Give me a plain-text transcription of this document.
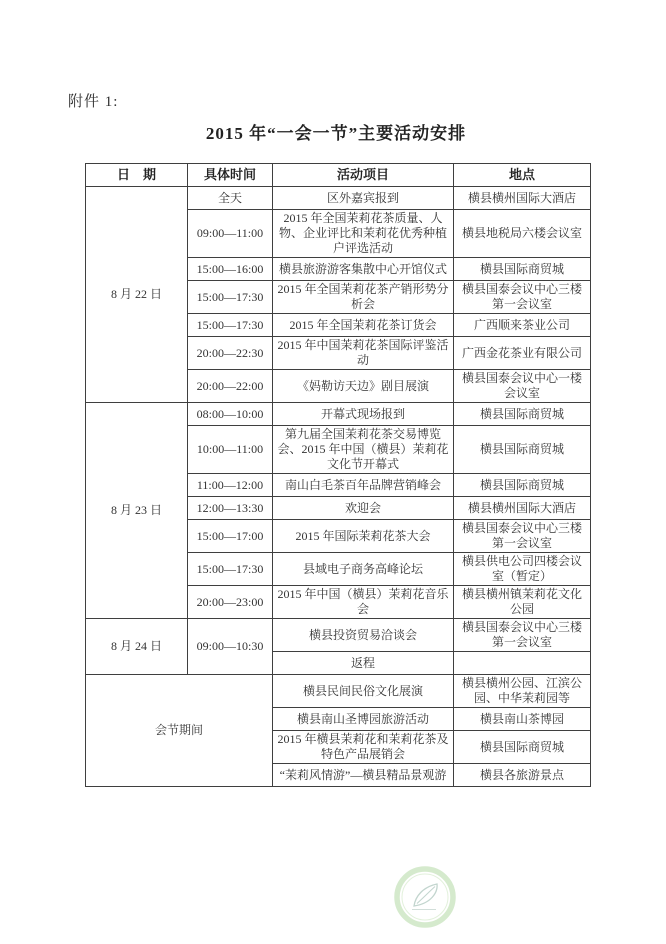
附件 1:
2015 年“一会一节”主要活动安排
日　期	具体时间	活动项目	地点
8 月 22 日	全天	区外嘉宾报到	横县横州国际大酒店
	09:00—11:00	2015 年全国茉莉花茶质量、人物、企业评比和茉莉花优秀种植户评选活动	横县地税局六楼会议室
	15:00—16:00	横县旅游游客集散中心开馆仪式	横县国际商贸城
	15:00—17:30	2015 年全国茉莉花茶产销形势分析会	横县国泰会议中心三楼第一会议室
	15:00—17:30	2015 年全国茉莉花茶订货会	广西顺来茶业公司
	20:00—22:30	2015 年中国茉莉花茶国际评鉴活动	广西金花茶业有限公司
	20:00—22:00	《妈勒访天边》剧目展演	横县国泰会议中心一楼会议室
8 月 23 日	08:00—10:00	开幕式现场报到	横县国际商贸城
	10:00—11:00	第九届全国茉莉花茶交易博览会、2015 年中国（横县）茉莉花文化节开幕式	横县国际商贸城
	11:00—12:00	南山白毛茶百年品牌营销峰会	横县国际商贸城
	12:00—13:30	欢迎会	横县横州国际大酒店
	15:00—17:00	2015 年国际茉莉花茶大会	横县国泰会议中心三楼第一会议室
	15:00—17:30	县域电子商务高峰论坛	横县供电公司四楼会议室（暂定）
	20:00—23:00	2015 年中国（横县）茉莉花音乐会	横县横州镇茉莉花文化公园
8 月 24 日	09:00—10:30	横县投资贸易洽谈会	横县国泰会议中心三楼第一会议室
		返程	
会节期间		横县民间民俗文化展演	横县横州公园、江滨公园、中华茉莉园等
		横县南山圣博园旅游活动	横县南山茶博园
		2015 年横县茉莉花和茉莉花茶及特色产品展销会	横县国际商贸城
		“茉莉风情游”—横县精品景观游	横县各旅游景点
